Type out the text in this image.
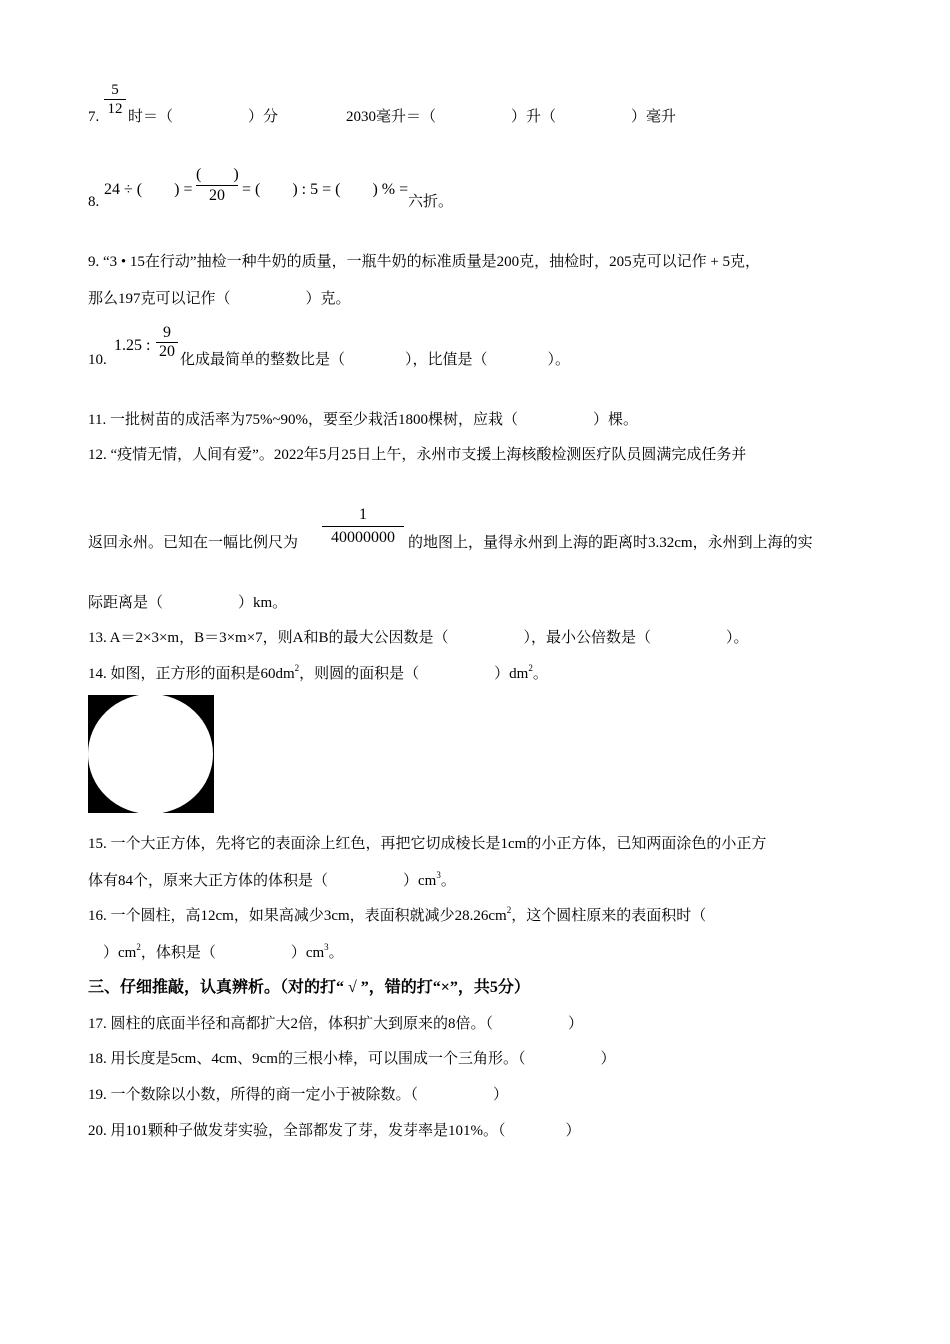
$\frac{5}{12}$
7. 时＝（　　　　　）分	2030毫升＝（　　　　　）升（　　　　　）毫升
8.
24 ÷ (　　) =
(　　)
20	= (　　) : 5 = (　　) % =
六折。
9. “3 • 15在行动”抽检一种牛奶的质量，一瓶牛奶的标准质量是200克，抽检时，205克可以记作 + 5克，
那么197克可以记作（　　　　　）克。
10.
1.25 : $\frac{9}{20}$ 化成最简单的整数比是（　　　　），比值是（　　　　）。
11. 一批树苗的成活率为75%~90%，要至少栽活1800棵树，应栽（　　　　　）棵。
12. “疫情无情，人间有爱”。2022年5月25日上午，永州市支援上海核酸检测医疗队员圆满完成任务并
返回永州。已知在一幅比例尺为 $\frac{1}{40000000}$ 的地图上，量得永州到上海的距离时3.32cm，永州到上海的实
际距离是（　　　　　）km。
13. A＝2×3×m，B＝3×m×7，则A和B的最大公因数是（　　　　　），最小公倍数是（　　　　　）。
14. 如图，正方形的面积是$60dm^2$，则圆的面积是（　　　　　）$dm^2$。
15. 一个大正方体，先将它的表面涂上红色，再把它切成棱长是1cm的小正方体，已知两面涂色的小正方
体有84个，原来大正方体的体积是（　　　　　）$cm^3$。
16. 一个圆柱，高12cm，如果高减少3cm，表面积就减少$28.26cm^2$，这个圆柱原来的表面积时（
　）$cm^2$，体积是（　　　　　）$cm^3$。
三、仔细推敲，认真辨析。（对的打“ √ ”，错的打“×”，共5分）
17. 圆柱的底面半径和高都扩大2倍，体积扩大到原来的8倍。（　　　　　）
18. 用长度是5cm、4cm、9cm的三根小棒，可以围成一个三角形。（　　　　　）
19. 一个数除以小数，所得的商一定小于被除数。（　　　　　）
20. 用101颗种子做发芽实验，全部都发了芽，发芽率是101%。（　　　　）
